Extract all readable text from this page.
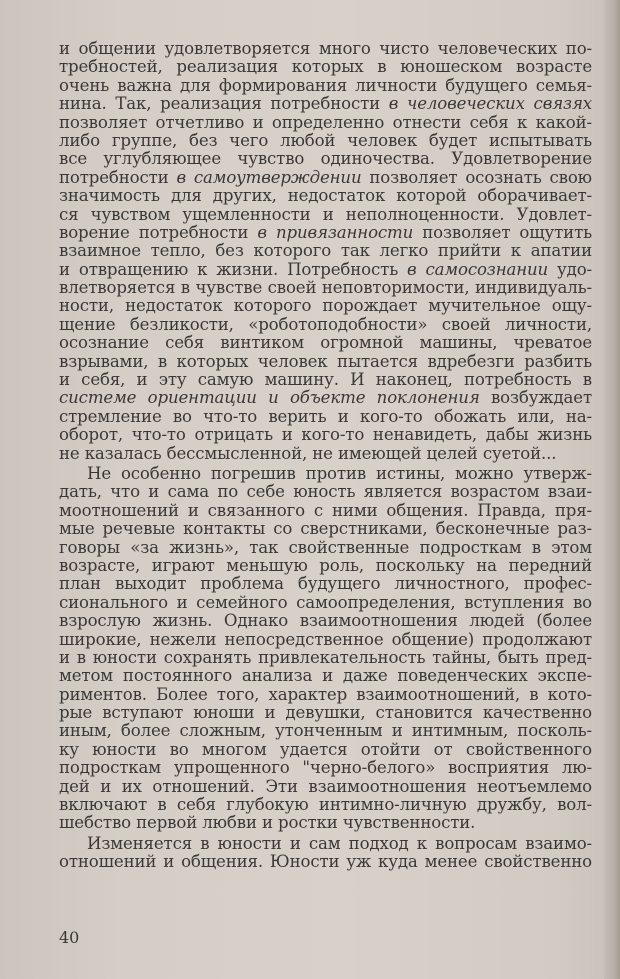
и общении удовлетворяется много чисто человеческих по-
требностей, реализация которых в юношеском возрасте
очень важна для формирования личности будущего семья-
нина. Так, реализация потребности в человеческих связях
позволяет отчетливо и определенно отнести себя к какой-
либо группе, без чего любой человек будет испытывать
все углубляющее чувство одиночества. Удовлетворение
потребности в самоутверждении позволяет осознать свою
значимость для других, недостаток которой оборачивает-
ся чувством ущемленности и неполноценности. Удовлет-
ворение потребности в привязанности позволяет ощутить
взаимное тепло, без которого так легко прийти к апатии
и отвращению к жизни. Потребность в самосознании удо-
влетворяется в чувстве своей неповторимости, индивидуаль-
ности, недостаток которого порождает мучительное ощу-
щение безликости, «роботоподобности» своей личности,
осознание себя винтиком огромной машины, чреватое
взрывами, в которых человек пытается вдребезги разбить
и себя, и эту самую машину. И наконец, потребность в
системе ориентации и объекте поклонения возбуждает
стремление во что-то верить и кого-то обожать или, на-
оборот, что-то отрицать и кого-то ненавидеть, дабы жизнь
не казалась бессмысленной, не имеющей целей суетой...
Не особенно погрешив против истины, можно утверж-
дать, что и сама по себе юность является возрастом взаи-
моотношений и связанного с ними общения. Правда, пря-
мые речевые контакты со сверстниками, бесконечные раз-
говоры «за жизнь», так свойственные подросткам в этом
возрасте, играют меньшую роль, поскольку на передний
план выходит проблема будущего личностного, профес-
сионального и семейного самоопределения, вступления во
взрослую жизнь. Однако взаимоотношения людей (более
широкие, нежели непосредственное общение) продолжают
и в юности сохранять привлекательность тайны, быть пред-
метом постоянного анализа и даже поведенческих экспе-
риментов. Более того, характер взаимоотношений, в кото-
рые вступают юноши и девушки, становится качественно
иным, более сложным, утонченным и интимным, посколь-
ку юности во многом удается отойти от свойственного
подросткам упрощенного "черно-белого» восприятия лю-
дей и их отношений. Эти взаимоотношения неотъемлемо
включают в себя глубокую интимно-личную дружбу, вол-
шебство первой любви и ростки чувственности.
Изменяется в юности и сам подход к вопросам взаимо-
отношений и общения. Юности уж куда менее свойственно
40
